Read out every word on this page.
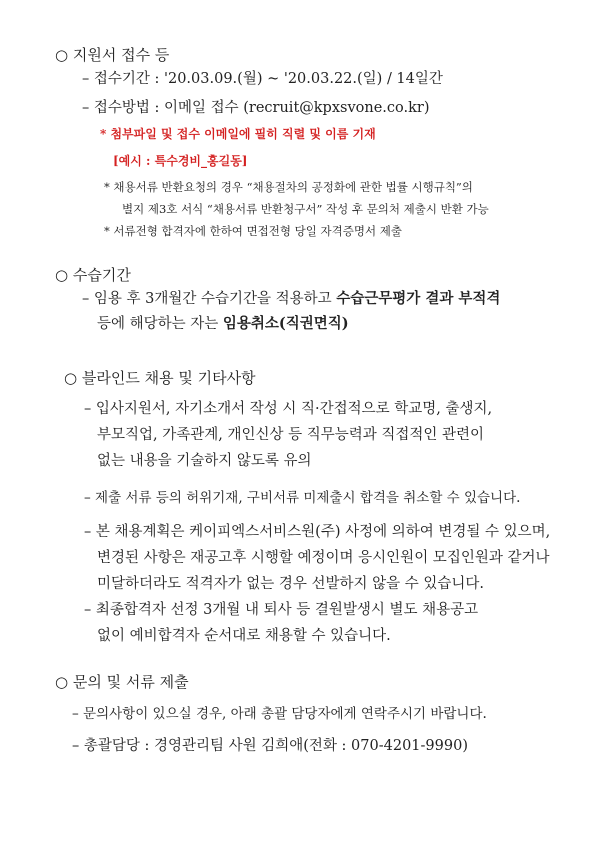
○ 지원서 접수 등
– 접수기간 : '20.03.09.(월) ~ '20.03.22.(일) / 14일간
– 접수방법 : 이메일 접수 (recruit@kpxsvone.co.kr)
* 첨부파일 및 접수 이메일에 필히 직렬 및 이름 기재
[예시 : 특수경비_홍길동]
* 채용서류 반환요청의 경우 “채용절차의 공정화에 관한 법률 시행규칙”의
별지 제3호 서식 “채용서류 반환청구서” 작성 후 문의처 제출시 반환 가능
* 서류전형 합격자에 한하여 면접전형 당일 자격증명서 제출
○ 수습기간
– 임용 후 3개월간 수습기간을 적용하고 수습근무평가 결과 부적격
등에 해당하는 자는 임용취소(직권면직)
○ 블라인드 채용 및 기타사항
– 입사지원서, 자기소개서 작성 시 직·간접적으로 학교명, 출생지,
부모직업, 가족관계, 개인신상 등 직무능력과 직접적인 관련이
없는 내용을 기술하지 않도록 유의
– 제출 서류 등의 허위기재, 구비서류 미제출시 합격을 취소할 수 있습니다.
– 본 채용계획은 케이피엑스서비스원(주) 사정에 의하여 변경될 수 있으며,
변경된 사항은 재공고후 시행할 예정이며 응시인원이 모집인원과 같거나
미달하더라도 적격자가 없는 경우 선발하지 않을 수 있습니다.
– 최종합격자 선정 3개월 내 퇴사 등 결원발생시 별도 채용공고
없이 예비합격자 순서대로 채용할 수 있습니다.
○ 문의 및 서류 제출
– 문의사항이 있으실 경우, 아래 총괄 담당자에게 연락주시기 바랍니다.
– 총괄담당 : 경영관리팀 사원 김희애(전화 : 070-4201-9990)
